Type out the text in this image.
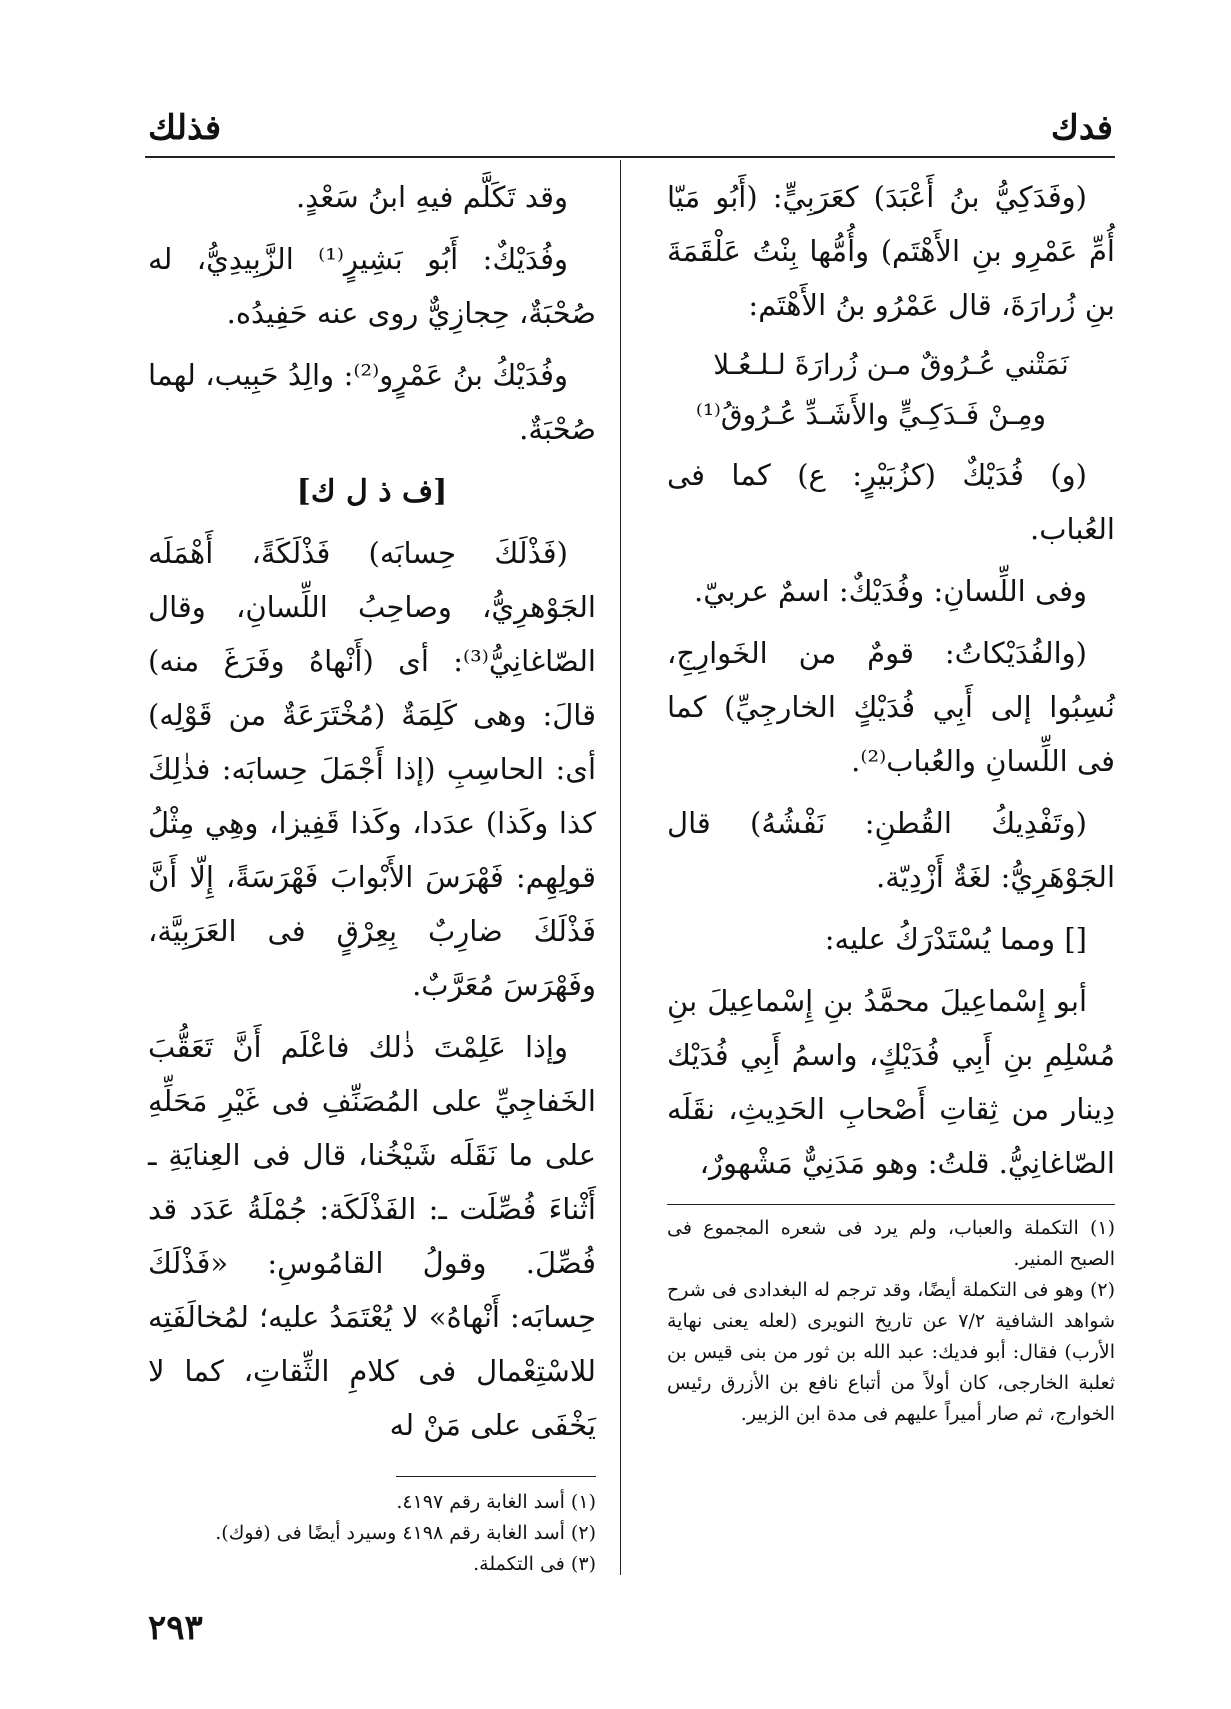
فدك
فذلك

(وفَدَكِيُّ بنُ أَعْبَدَ) كعَرَبِيٍّ: (أَبُو مَيّا أُمِّ عَمْرِو بنِ الأَهْتَم) وأُمُّها بِنْتُ عَلْقَمَةَ بنِ زُرارَةَ، قال عَمْرُو بنُ الأَهْتَم:

نَمَتْني عُـرُوقٌ مـن زُرارَةَ لـلـعُـلا
ومِـنْ فَـدَكِـيٍّ والأَشَـدِّ عُـرُوقُ⁽¹⁾

(و) فُدَيْكٌ (كزُبَيْرٍ: ع) كما فى العُباب.

وفى اللِّسانِ: وفُدَيْكٌ: اسمٌ عربيّ.

(والفُدَيْكاتُ: قومٌ من الخَوارِجِ، نُسِبُوا إلى أَبِي فُدَيْكٍ الخارجِيِّ) كما فى اللِّسانِ والعُباب⁽²⁾.

(وتَفْدِيكُ القُطنِ: نَفْشُهُ) قال الجَوْهَرِيُّ: لغَةٌ أَزْدِيّة.

[] ومما يُسْتَدْرَكُ عليه:

أبو إِسْماعِيلَ محمَّدُ بنِ إِسْماعِيلَ بنِ مُسْلِمِ بنِ أَبِي فُدَيْكٍ، واسمُ أَبِي فُدَيْك دِينار من ثِقاتِ أَصْحابِ الحَدِيثِ، نقَلَه الصّاغانِيُّ. قلتُ: وهو مَدَنِيٌّ مَشْهورٌ،

(١) التكملة والعباب، ولم يرد فى شعره المجموع فى الصبح المنير.

(٢) وهو فى التكملة أيضًا، وقد ترجم له البغدادى فى شرح شواهد الشافية ٧/٢ عن تاريخ النويرى (لعله يعنى نهاية الأرب) فقال: أبو فديك: عبد الله بن ثور من بنى قيس بن ثعلبة الخارجى، كان أولاً من أتباع نافع بن الأزرق رئيس الخوارج، ثم صار أميراً عليهم فى مدة ابن الزبير.

وقد تَكَلَّم فيهِ ابنُ سَعْدٍ.

وفُدَيْكٌ: أَبُو بَشِيرٍ⁽¹⁾ الزَّبِيدِيُّ، له صُحْبَةٌ، حِجازِيٌّ روى عنه حَفِيدُه.

وفُدَيْكُ بنُ عَمْرٍو⁽²⁾: والِدُ حَبِيب، لهما صُحْبَةٌ.

[ف ذ ل ك]

(فَذْلَكَ حِسابَه) فَذْلَكَةً، أَهْمَلَه الجَوْهرِيُّ، وصاحِبُ اللِّسانِ، وقال الصّاغانِيُّ⁽³⁾: أى (أَنْهاهُ وفَرَغَ منه) قالَ: وهى كَلِمَةٌ (مُخْتَرَعَةٌ من قَوْلِه) أى: الحاسِبِ (إذا أَجْمَلَ حِسابَه: فذٰلِكَ كذا وكَذا) عدَدا، وكَذا قَفِيزا، وهِي مِثْلُ قولِهِم: فَهْرَسَ الأَبْوابَ فَهْرَسَةً، إِلّا أَنَّ فَذْلَكَ ضارِبٌ بِعِرْقٍ فى العَرَبِيَّة، وفَهْرَسَ مُعَرَّبٌ.

وإذا عَلِمْتَ ذٰلك فاعْلَم أَنَّ تَعَقُّبَ الخَفاجِيِّ على المُصَنِّفِ فى غَيْرِ مَحَلِّهِ على ما نَقَلَه شَيْخُنا، قال فى العِنايَةِ ـ أَثْناءَ فُصِّلَت ـ: الفَذْلَكَة: جُمْلَةُ عَدَد قد فُصِّلَ. وقولُ القامُوسِ: «فَذْلَكَ حِسابَه: أَنْهاهُ» لا يُعْتَمَدُ عليه؛ لمُخالَفَتِه للاسْتِعْمال فى كلامِ الثِّقاتِ، كما لا يَخْفَى على مَنْ له

(١) أسد الغابة رقم ٤١٩٧.

(٢) أسد الغابة رقم ٤١٩٨ وسيرد أيضًا فى (فوك).

(٣) فى التكملة.

٢٩٣
